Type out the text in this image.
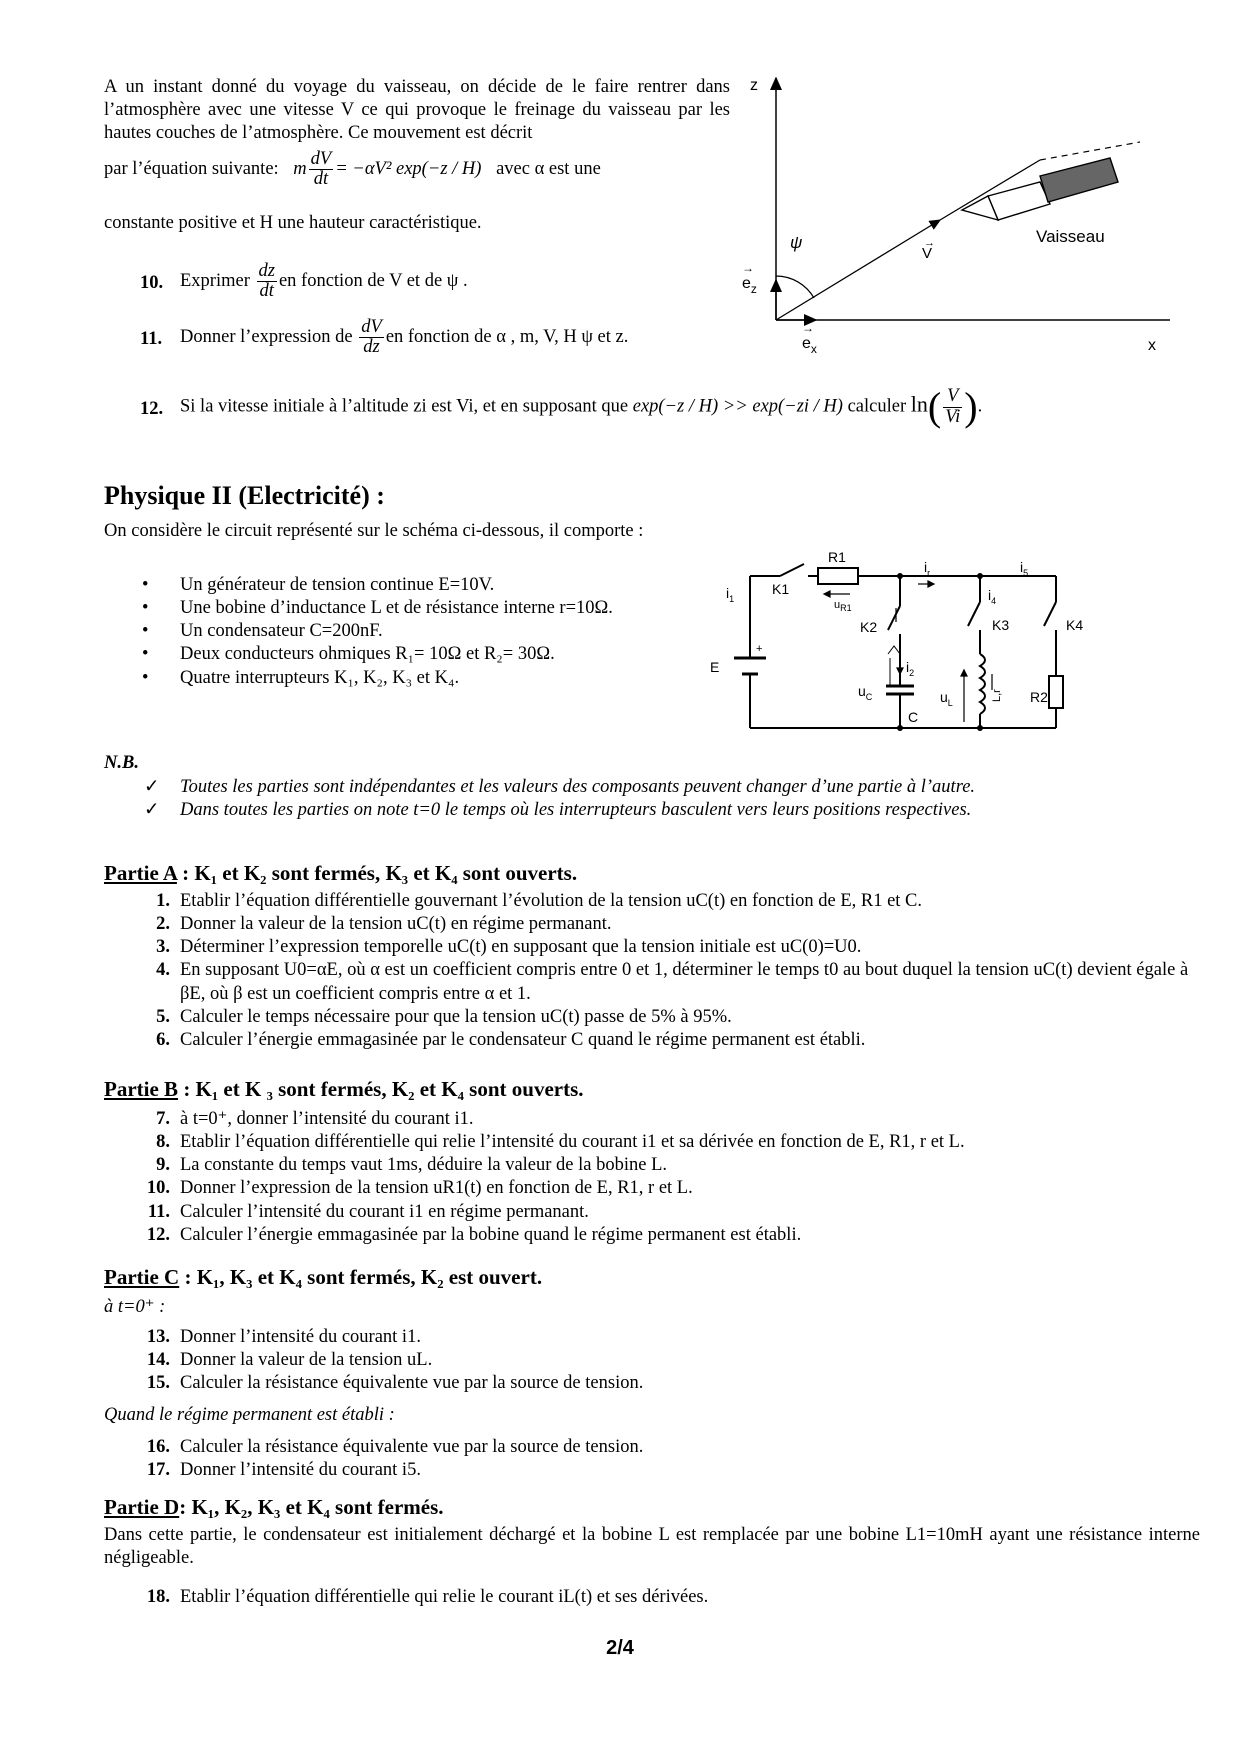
A un instant donné du voyage du vaisseau, on décide de le faire rentrer dans l’atmosphère avec une vitesse V ce qui provoque le freinage du vaisseau par les hautes couches de l’atmosphère. Ce mouvement est décrit
par l’équation suivante: m $\frac{dV}{dt} = -\alpha V^2$ exp(−z / H) avec α est une
constante positive et H une hauteur caractéristique.
10. Exprimer $\frac{dz}{dt}$ en fonction de V et de ψ .
11. Donner l’expression de $\frac{dV}{dz}$ en fonction de α , m, V, H ψ et z.
12. Si la vitesse initiale à l’altitude zi est Vi, et en supposant que exp(−z / H) >> exp(−zi / H) calculer $\ln( \frac{V}{Vi}$ ).
z
x
$e_z$
→
$e_x$
→
ψ
V
→	Vaisseau
Physique II (Electricité) :
On considère le circuit représenté sur le schéma ci-dessous, il comporte :
• Un générateur de tension continue E=10V.
• Une bobine d’inductance L et de résistance interne r=10Ω.
• Un condensateur C=200nF.
• Deux conducteurs ohmiques R₁= 10Ω et R₂= 30Ω.
• Quatre interrupteurs K₁, K₂, K₃ et K₄.
R1
K1
$i_1$
$i_r$	$i_5$
$i_4$
$u_{R1}$
K2	K3	K4
E
+
$i_2$
$u_C$
C
$u_L$
L,r R2
N.B.
✓ Toutes les parties sont indépendantes et les valeurs des composants peuvent changer d’une partie à l’autre.
✓ Dans toutes les parties on note t=0 le temps où les interrupteurs basculent vers leurs positions respectives.
Partie A : K₁ et K₂ sont fermés, K₃ et K₄ sont ouverts.
1. Etablir l’équation différentielle gouvernant l’évolution de la tension uC(t) en fonction de E, R1 et C.
2. Donner la valeur de la tension uC(t) en régime permanant.
3. Déterminer l’expression temporelle uC(t) en supposant que la tension initiale est uC(0)=U0.
4. En supposant U0=αE, où α est un coefficient compris entre 0 et 1, déterminer le temps t0 au bout duquel la tension uC(t) devient égale à βE, où β est un coefficient compris entre α et 1.
5. Calculer le temps nécessaire pour que la tension uC(t) passe de 5% à 95%.
6. Calculer l’énergie emmagasinée par le condensateur C quand le régime permanent est établi.
Partie B : K₁ et K ₃ sont fermés, K₂ et K₄ sont ouverts.
7. à t=0⁺, donner l’intensité du courant i1.
8. Etablir l’équation différentielle qui relie l’intensité du courant i1 et sa dérivée en fonction de E, R1, r et L.
9. La constante du temps vaut 1ms, déduire la valeur de la bobine L.
10. Donner l’expression de la tension uR1(t) en fonction de E, R1, r et L.
11. Calculer l’intensité du courant i1 en régime permanant.
12. Calculer l’énergie emmagasinée par la bobine quand le régime permanent est établi.
Partie C : K₁, K₃ et K₄ sont fermés, K₂ est ouvert.
à t=0⁺ :
13. Donner l’intensité du courant i1.
14. Donner la valeur de la tension uL.
15. Calculer la résistance équivalente vue par la source de tension.
Quand le régime permanent est établi :
16. Calculer la résistance équivalente vue par la source de tension.
17. Donner l’intensité du courant i5.
Partie D: K₁, K₂, K₃ et K₄ sont fermés.
Dans cette partie, le condensateur est initialement déchargé et la bobine L est remplacée par une bobine L1=10mH ayant une résistance interne négligeable.
18. Etablir l’équation différentielle qui relie le courant iL(t) et ses dérivées.
2/4
